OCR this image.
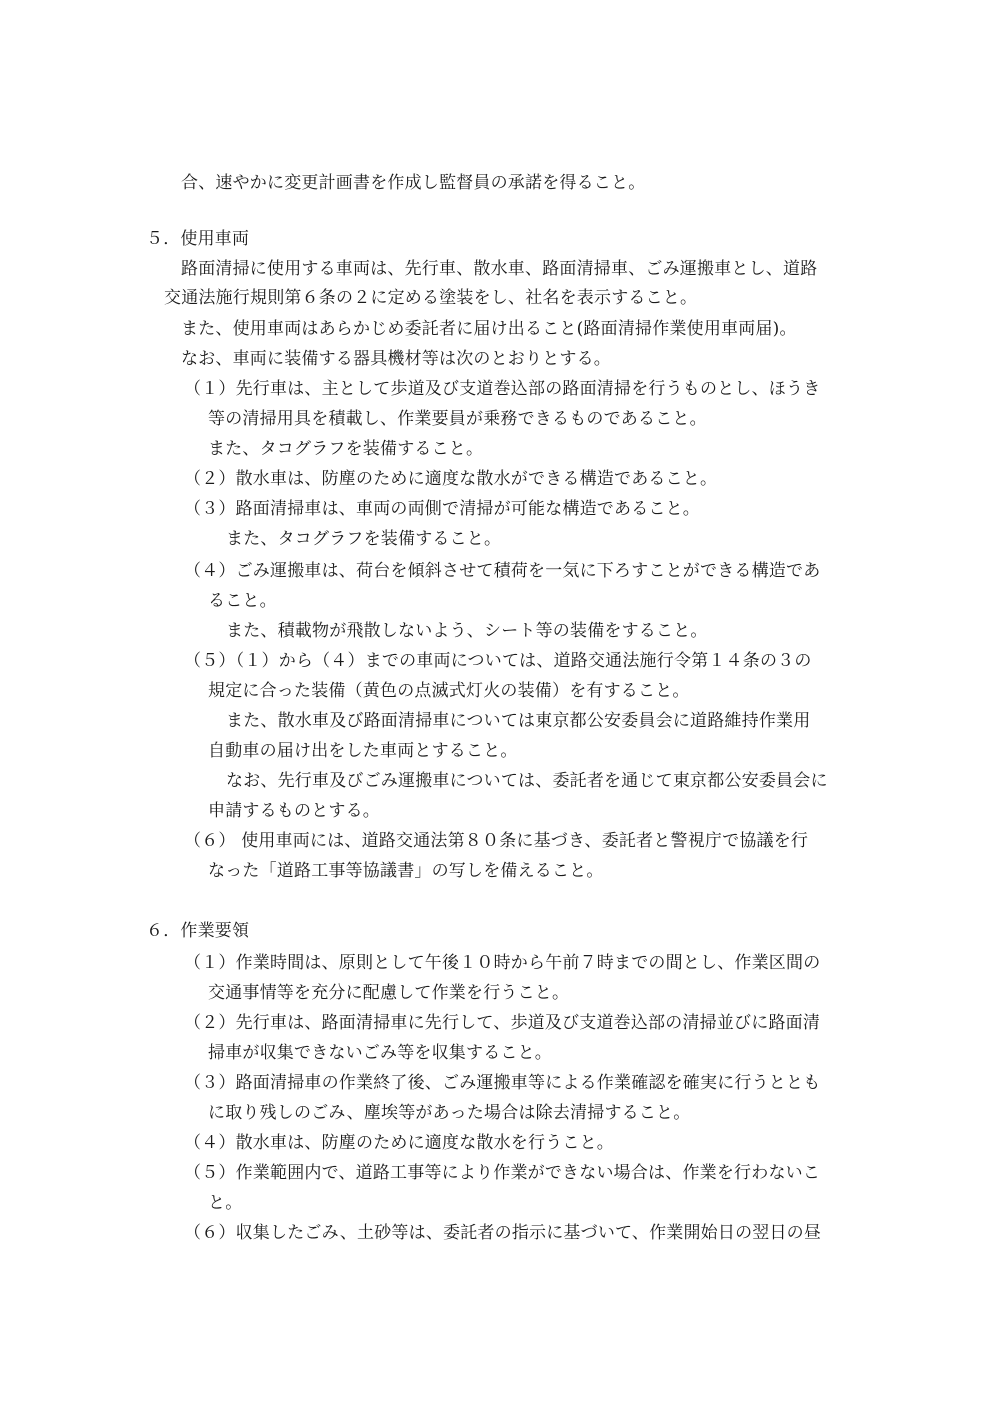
合、速やかに変更計画書を作成し監督員の承諾を得ること。
５．使用車両
路面清掃に使用する車両は、先行車、散水車、路面清掃車、ごみ運搬車とし、道路
交通法施行規則第６条の２に定める塗装をし、社名を表示すること。
また、使用車両はあらかじめ委託者に届け出ること(路面清掃作業使用車両届)。
なお、車両に装備する器具機材等は次のとおりとする。
（１）先行車は、主として歩道及び支道巻込部の路面清掃を行うものとし、ほうき
等の清掃用具を積載し、作業要員が乗務できるものであること。
また、タコグラフを装備すること。
（２）散水車は、防塵のために適度な散水ができる構造であること。
（３）路面清掃車は、車両の両側で清掃が可能な構造であること。
また、タコグラフを装備すること。
（４）ごみ運搬車は、荷台を傾斜させて積荷を一気に下ろすことができる構造であ
ること。
また、積載物が飛散しないよう、シート等の装備をすること。
（５）（１）から（４）までの車両については、道路交通法施行令第１４条の３の
規定に合った装備（黄色の点滅式灯火の装備）を有すること。
また、散水車及び路面清掃車については東京都公安委員会に道路維持作業用
自動車の届け出をした車両とすること。
なお、先行車及びごみ運搬車については、委託者を通じて東京都公安委員会に
申請するものとする。
（６） 使用車両には、道路交通法第８０条に基づき、委託者と警視庁で協議を行
なった「道路工事等協議書」の写しを備えること。
６．作業要領
（１）作業時間は、原則として午後１０時から午前７時までの間とし、作業区間の
交通事情等を充分に配慮して作業を行うこと。
（２）先行車は、路面清掃車に先行して、歩道及び支道巻込部の清掃並びに路面清
掃車が収集できないごみ等を収集すること。
（３）路面清掃車の作業終了後、ごみ運搬車等による作業確認を確実に行うととも
に取り残しのごみ、塵埃等があった場合は除去清掃すること。
（４）散水車は、防塵のために適度な散水を行うこと。
（５）作業範囲内で、道路工事等により作業ができない場合は、作業を行わないこ
と。
（６）収集したごみ、土砂等は、委託者の指示に基づいて、作業開始日の翌日の昼
